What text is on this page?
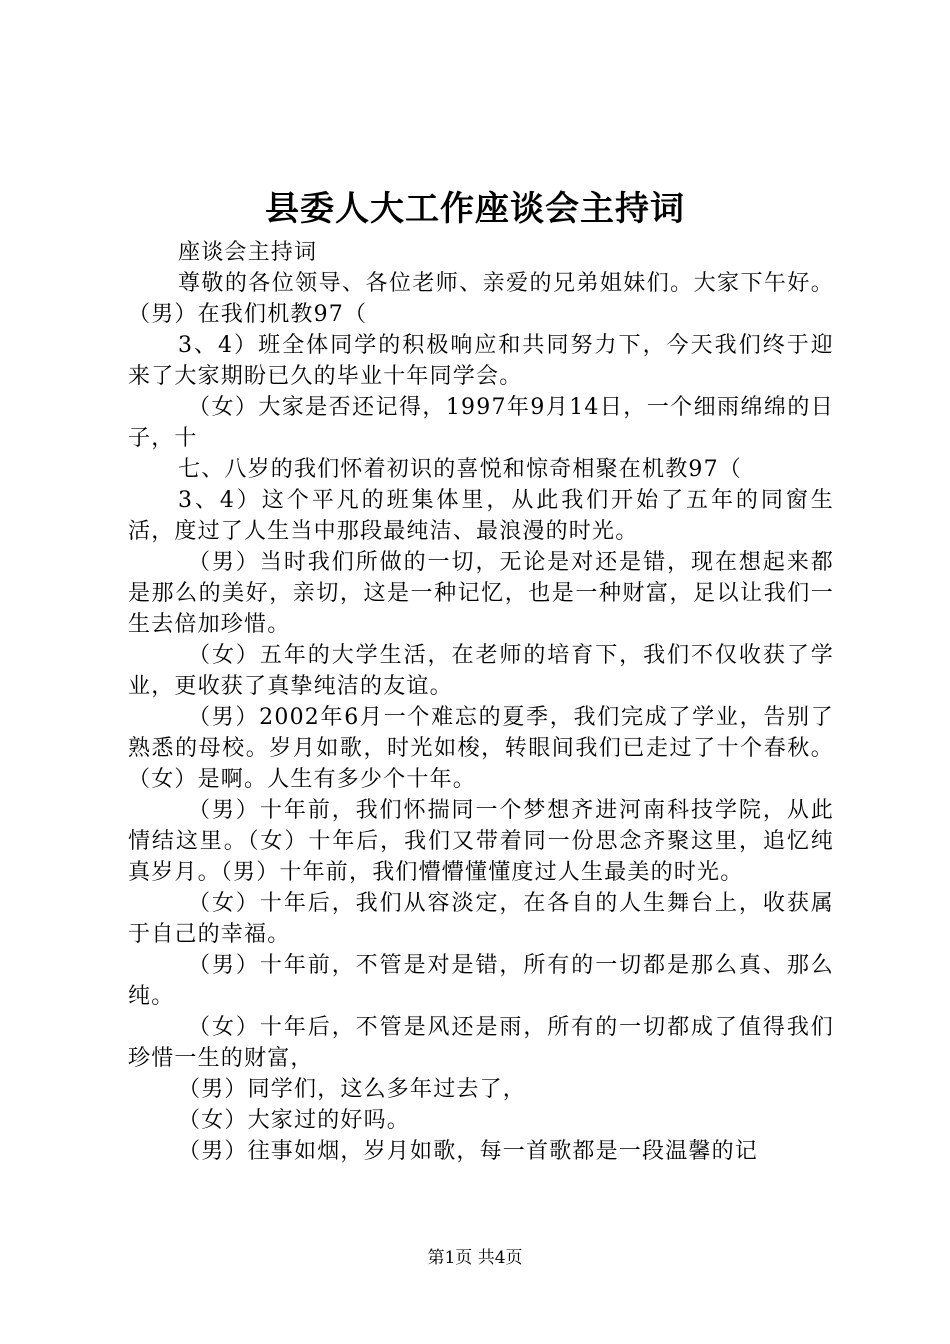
县委人大工作座谈会主持词

座谈会主持词

尊敬的各位领导、各位老师、亲爱的兄弟姐妹们。大家下午好。（男）在我们机教97（

3、4）班全体同学的积极响应和共同努力下，今天我们终于迎来了大家期盼已久的毕业十年同学会。

（女）大家是否还记得，1997年9月14日，一个细雨绵绵的日子，十

七、八岁的我们怀着初识的喜悦和惊奇相聚在机教97（

3、4）这个平凡的班集体里，从此我们开始了五年的同窗生活，度过了人生当中那段最纯洁、最浪漫的时光。

（男）当时我们所做的一切，无论是对还是错，现在想起来都是那么的美好，亲切，这是一种记忆，也是一种财富，足以让我们一生去倍加珍惜。

（女）五年的大学生活，在老师的培育下，我们不仅收获了学业，更收获了真挚纯洁的友谊。

（男）2002年6月一个难忘的夏季，我们完成了学业，告别了熟悉的母校。岁月如歌，时光如梭，转眼间我们已走过了十个春秋。（女）是啊。人生有多少个十年。

（男）十年前，我们怀揣同一个梦想齐进河南科技学院，从此情结这里。（女）十年后，我们又带着同一份思念齐聚这里，追忆纯真岁月。（男）十年前，我们懵懵懂懂度过人生最美的时光。

（女）十年后，我们从容淡定，在各自的人生舞台上，收获属于自己的幸福。

（男）十年前，不管是对是错，所有的一切都是那么真、那么纯。

（女）十年后，不管是风还是雨，所有的一切都成了值得我们珍惜一生的财富，

（男）同学们，这么多年过去了，

（女）大家过的好吗。

（男）往事如烟，岁月如歌，每一首歌都是一段温馨的记

第1页 共4页
